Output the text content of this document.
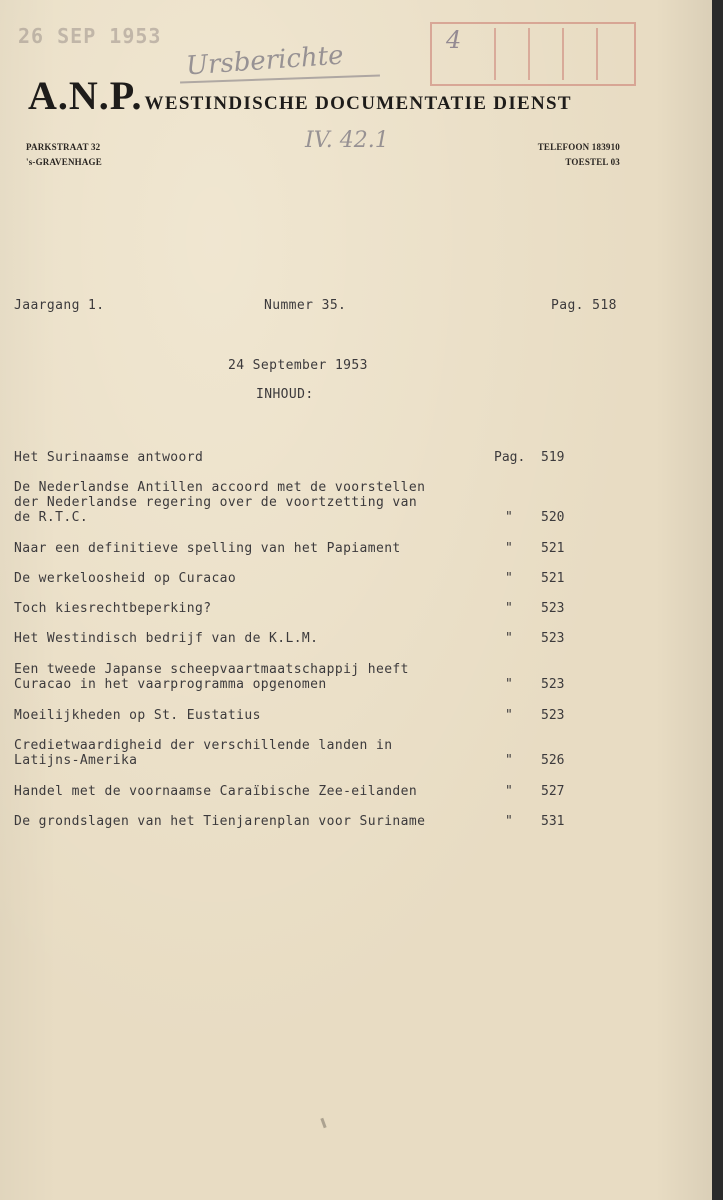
26 SEP 1953	4
Ursberichte
IV. 42.1
A.N.P. WESTINDISCHE DOCUMENTATIE DIENST
PARKSTRAAT 32
's-GRAVENHAGE
TELEFOON 183910
TOESTEL 03
Jaargang 1.	Nummer 35.	Pag. 518
24 September 1953
INHOUD:
Het Surinaamse antwoord	Pag. 519
De Nederlandse Antillen accoord met de voorstellen
der Nederlandse regering over de voortzetting van
de R.T.C.	" 520
Naar een definitieve spelling van het Papiament	" 521
De werkeloosheid op Curacao	" 521
Toch kiesrechtbeperking?	" 523
Het Westindisch bedrijf van de K.L.M.	" 523
Een tweede Japanse scheepvaartmaatschappij heeft
Curacao in het vaarprogramma opgenomen	" 523
Moeilijkheden op St. Eustatius	" 523
Credietwaardigheid der verschillende landen in
Latijns-Amerika	" 526
Handel met de voornaamse Caraïbische Zee-eilanden	" 527
De grondslagen van het Tienjarenplan voor Suriname	" 531
